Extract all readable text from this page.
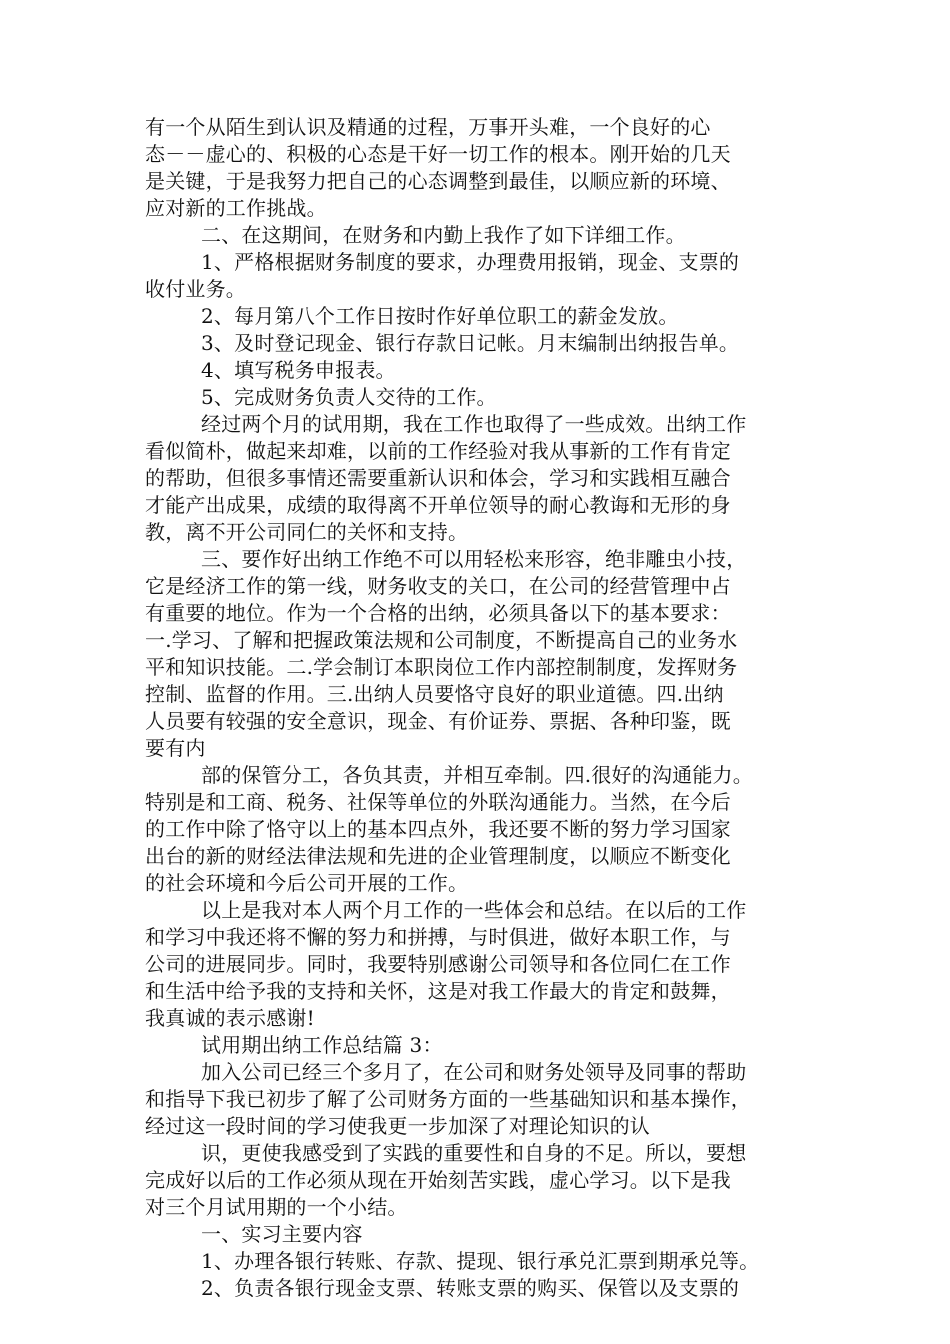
有一个从陌生到认识及精通的过程，万事开头难，一个良好的心
态－－虚心的、积极的心态是干好一切工作的根本。刚开始的几天
是关键，于是我努力把自己的心态调整到最佳，以顺应新的环境、
应对新的工作挑战。
二、在这期间，在财务和内勤上我作了如下详细工作。
1、严格根据财务制度的要求，办理费用报销，现金、支票的
收付业务。
2、每月第八个工作日按时作好单位职工的薪金发放。
3、及时登记现金、银行存款日记帐。月末编制出纳报告单。
4、填写税务申报表。
5、完成财务负责人交待的工作。
经过两个月的试用期，我在工作也取得了一些成效。出纳工作
看似简朴，做起来却难，以前的工作经验对我从事新的工作有肯定
的帮助，但很多事情还需要重新认识和体会，学习和实践相互融合
才能产出成果，成绩的取得离不开单位领导的耐心教诲和无形的身
教，离不开公司同仁的关怀和支持。
三、要作好出纳工作绝不可以用轻松来形容，绝非雕虫小技，
它是经济工作的第一线，财务收支的关口，在公司的经营管理中占
有重要的地位。作为一个合格的出纳，必须具备以下的基本要求：
一.学习、了解和把握政策法规和公司制度，不断提高自己的业务水
平和知识技能。二.学会制订本职岗位工作内部控制制度，发挥财务
控制、监督的作用。三.出纳人员要恪守良好的职业道德。四.出纳
人员要有较强的安全意识，现金、有价证券、票据、各种印鉴，既
要有内
部的保管分工，各负其责，并相互牵制。四.很好的沟通能力。
特别是和工商、税务、社保等单位的外联沟通能力。当然，在今后
的工作中除了恪守以上的基本四点外，我还要不断的努力学习国家
出台的新的财经法律法规和先进的企业管理制度，以顺应不断变化
的社会环境和今后公司开展的工作。
以上是我对本人两个月工作的一些体会和总结。在以后的工作
和学习中我还将不懈的努力和拼搏，与时俱进，做好本职工作，与
公司的进展同步。同时，我要特别感谢公司领导和各位同仁在工作
和生活中给予我的支持和关怀，这是对我工作最大的肯定和鼓舞，
我真诚的表示感谢!
试用期出纳工作总结篇 3：
加入公司已经三个多月了，在公司和财务处领导及同事的帮助
和指导下我已初步了解了公司财务方面的一些基础知识和基本操作，
经过这一段时间的学习使我更一步加深了对理论知识的认
识，更使我感受到了实践的重要性和自身的不足。所以，要想
完成好以后的工作必须从现在开始刻苦实践，虚心学习。以下是我
对三个月试用期的一个小结。
一、实习主要内容
1、办理各银行转账、存款、提现、银行承兑汇票到期承兑等。
2、负责各银行现金支票、转账支票的购买、保管以及支票的
